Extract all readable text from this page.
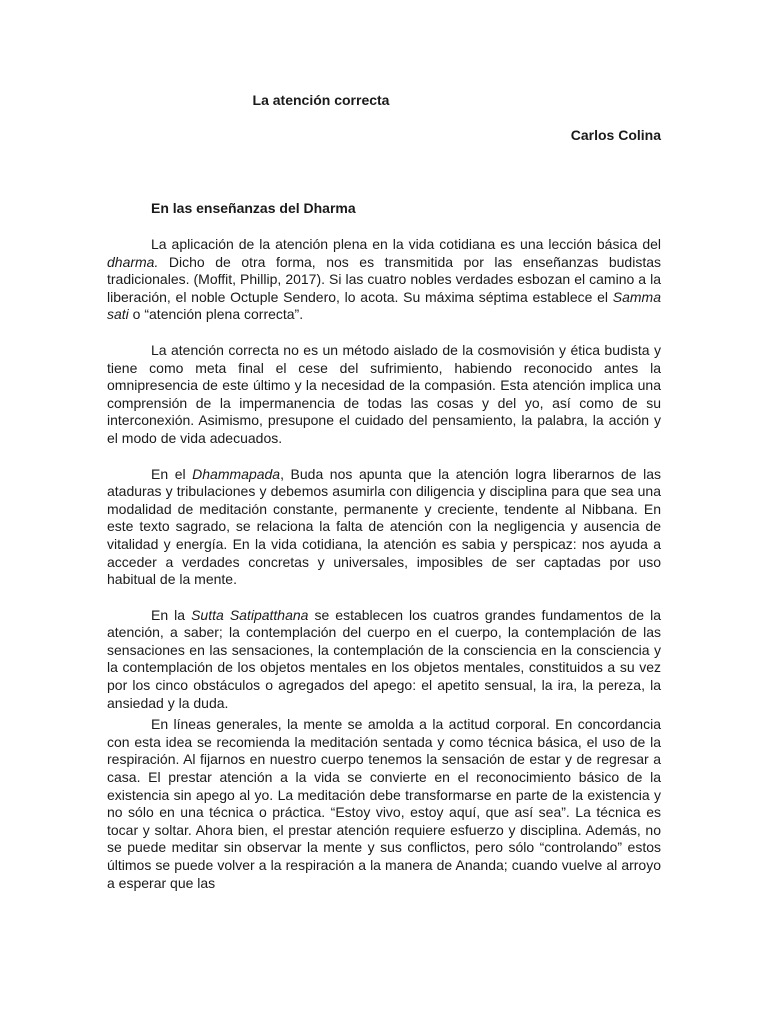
La atención correcta
Carlos Colina
En las enseñanzas del Dharma

La aplicación de la atención plena en la vida cotidiana es una lección básica del dharma. Dicho de otra forma, nos es transmitida por las enseñanzas budistas tradicionales. (Moffit, Phillip, 2017). Si las cuatro nobles verdades esbozan el camino a la liberación, el noble Octuple Sendero, lo acota. Su máxima séptima establece el Samma sati o “atención plena correcta”.

La atención correcta no es un método aislado de la cosmovisión y ética budista y tiene como meta final el cese del sufrimiento, habiendo reconocido antes la omnipresencia de este último y la necesidad de la compasión. Esta atención implica una comprensión de la impermanencia de todas las cosas y del yo, así como de su interconexión. Asimismo, presupone el cuidado del pensamiento, la palabra, la acción y el modo de vida adecuados.

En el Dhammapada, Buda nos apunta que la atención logra liberarnos de las ataduras y tribulaciones y debemos asumirla con diligencia y disciplina para que sea una modalidad de meditación constante, permanente y creciente, tendente al Nibbana. En este texto sagrado, se relaciona la falta de atención con la negligencia y ausencia de vitalidad y energía. En la vida cotidiana, la atención es sabia y perspicaz: nos ayuda a acceder a verdades concretas y universales, imposibles de ser captadas por uso habitual de la mente.

En la Sutta Satipatthana se establecen los cuatros grandes fundamentos de la atención, a saber; la contemplación del cuerpo en el cuerpo, la contemplación de las sensaciones en las sensaciones, la contemplación de la consciencia en la consciencia y la contemplación de los objetos mentales en los objetos mentales, constituidos a su vez por los cinco obstáculos o agregados del apego: el apetito sensual, la ira, la pereza, la ansiedad y la duda.

En líneas generales, la mente se amolda a la actitud corporal. En concordancia con esta idea se recomienda la meditación sentada y como técnica básica, el uso de la respiración. Al fijarnos en nuestro cuerpo tenemos la sensación de estar y de regresar a casa. El prestar atención a la vida se convierte en el reconocimiento básico de la existencia sin apego al yo. La meditación debe transformarse en parte de la existencia y no sólo en una técnica o práctica. “Estoy vivo, estoy aquí, que así sea”. La técnica es tocar y soltar. Ahora bien, el prestar atención requiere esfuerzo y disciplina. Además, no se puede meditar sin observar la mente y sus conflictos, pero sólo “controlando” estos últimos se puede volver a la respiración a la manera de Ananda; cuando vuelve al arroyo a esperar que las
